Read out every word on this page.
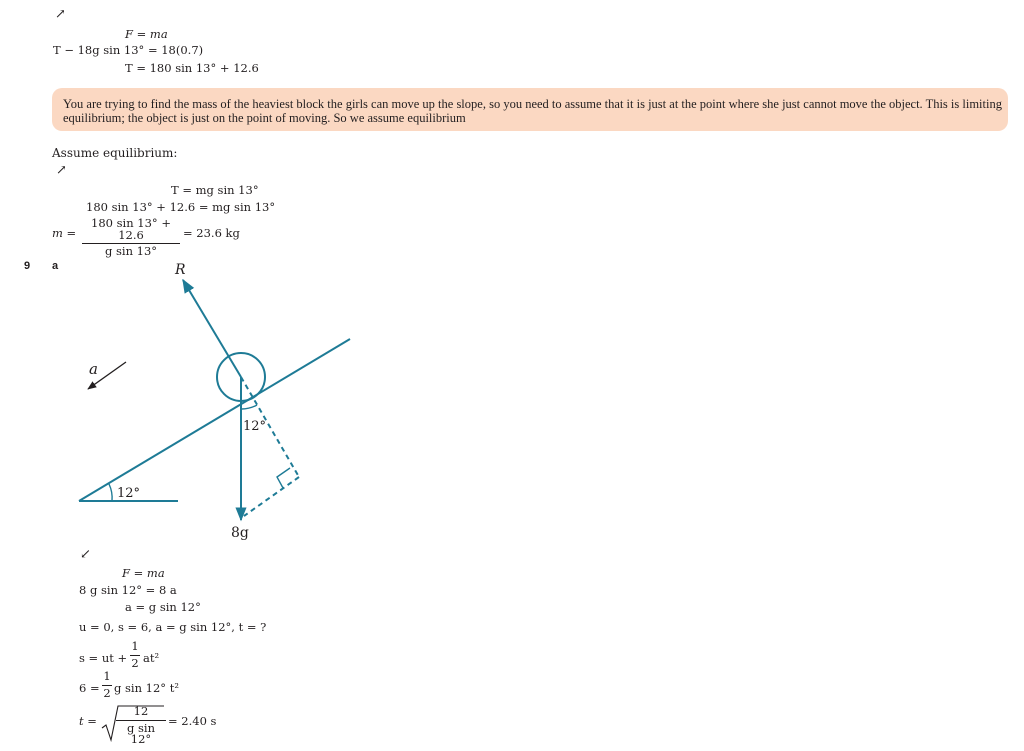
↗
F = ma
T − 18g sin 13° = 18(0.7)
T = 180 sin 13° + 12.6
You are trying to find the mass of the heaviest block the girls can move up the slope, so you need to assume that it is just at the point where she just cannot move the object. This is limiting equilibrium; the object is just on the point of moving. So we assume equilibrium
Assume equilibrium:
↗
T = mg sin 13°
180 sin 13° + 12.6 = mg sin 13°
m =
180 sin 13° + 12.6
g sin 13°
= 23.6 kg
9 a	R
a
12°
12°
8g
↙
F = ma
8 g sin 12° = 8 a
a = g sin 12°
u = 0, s = 6, a = g sin 12°, t = ?
s = ut +
1
2 at²
6 =
1
2 g sin 12° t²
t =
12
g sin 12°
= 2.40 s
